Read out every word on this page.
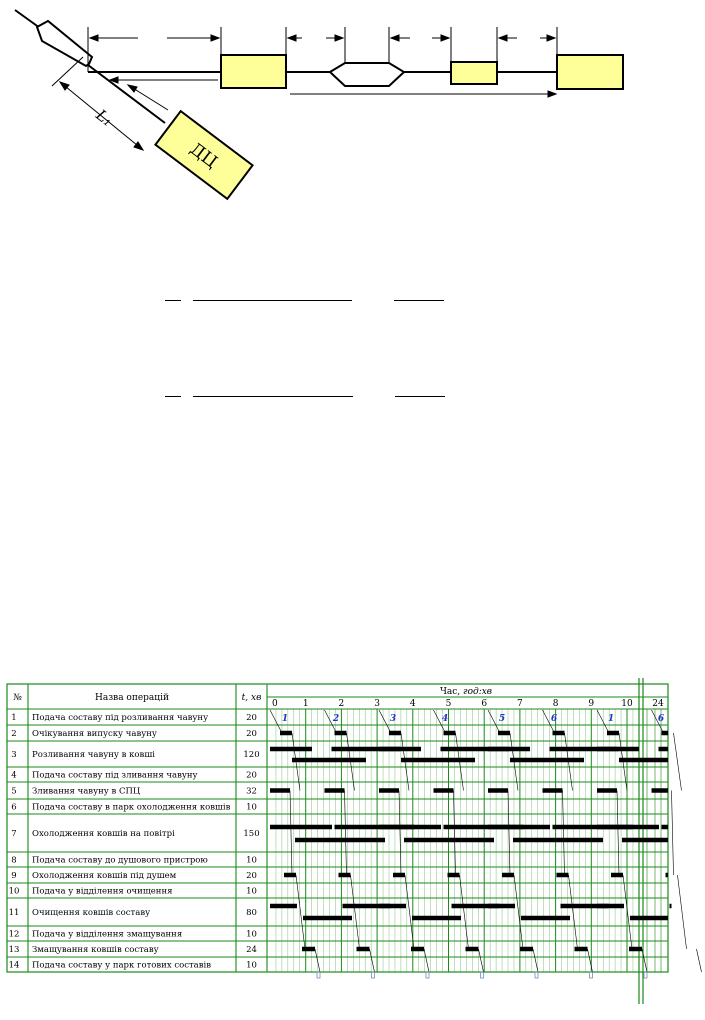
ДЦ
L₁
№	Назва операцій	t, хв
Час, год:хв
0	1	2	3	4	5	6	7	8	9	10 24
1 Подача составу під розливання чавуну	20
2 Очікування випуску чавуну	20
3 Розливання чавуну в ковші	120
4 Подача составу під зливання чавуну	20
5 Зливання чавуну в СПЦ	32
6 Подача составу в парк охолодження ковшів 10
7 Охолодження ковшів на повітрі	150
8 Подача составу до душового пристрою	10
9 Охолодження ковшів під душем	20
10 Подача у відділення очищення	10
11 Очищення ковшів составу	80
12 Подача у відділення змащування	10
13 Змащування ковшів составу	24
14 Подача составу у парк готових составів	10
1	2	3	4	5	6	1	6
